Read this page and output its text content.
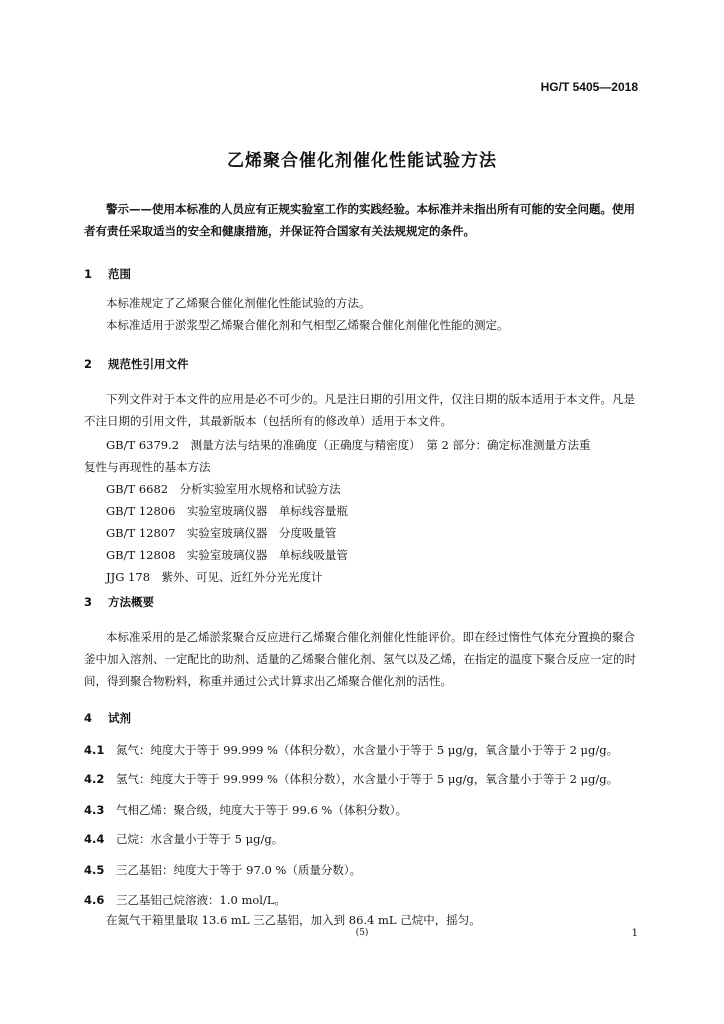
HG/T 5405—2018
乙烯聚合催化剂催化性能试验方法
警示——使用本标准的人员应有正规实验室工作的实践经验。本标准并未指出所有可能的安全问题。使用者有责任采取适当的安全和健康措施，并保证符合国家有关法规规定的条件。
1 范围
本标准规定了乙烯聚合催化剂催化性能试验的方法。
本标准适用于淤浆型乙烯聚合催化剂和气相型乙烯聚合催化剂催化性能的测定。
2 规范性引用文件
下列文件对于本文件的应用是必不可少的。凡是注日期的引用文件，仅注日期的版本适用于本文件。凡是不注日期的引用文件，其最新版本（包括所有的修改单）适用于本文件。
GB/T 6379.2　测量方法与结果的准确度（正确度与精密度）　第 2 部分：确定标准测量方法重
复性与再现性的基本方法
GB/T 6682　分析实验室用水规格和试验方法
GB/T 12806　实验室玻璃仪器　单标线容量瓶
GB/T 12807　实验室玻璃仪器　分度吸量管
GB/T 12808　实验室玻璃仪器　单标线吸量管
JJG 178　紫外、可见、近红外分光光度计
3 方法概要
本标准采用的是乙烯淤浆聚合反应进行乙烯聚合催化剂催化性能评价。即在经过惰性气体充分置换的聚合釜中加入溶剂、一定配比的助剂、适量的乙烯聚合催化剂、氢气以及乙烯，在指定的温度下聚合反应一定的时间，得到聚合物粉料，称重并通过公式计算求出乙烯聚合催化剂的活性。
4 试剂
4.1 氮气：纯度大于等于 99.999 %（体积分数），水含量小于等于 5 μg/g，氧含量小于等于 2 μg/g。
4.2 氢气：纯度大于等于 99.999 %（体积分数），水含量小于等于 5 μg/g，氧含量小于等于 2 μg/g。
4.3 气相乙烯：聚合级，纯度大于等于 99.6 %（体积分数）。
4.4 己烷：水含量小于等于 5 μg/g。
4.5 三乙基铝：纯度大于等于 97.0 %（质量分数）。
4.6 三乙基铝己烷溶液：1.0 mol/L。
在氮气干箱里量取 13.6 mL 三乙基铝，加入到 86.4 mL 己烷中，摇匀。
(5)	1
